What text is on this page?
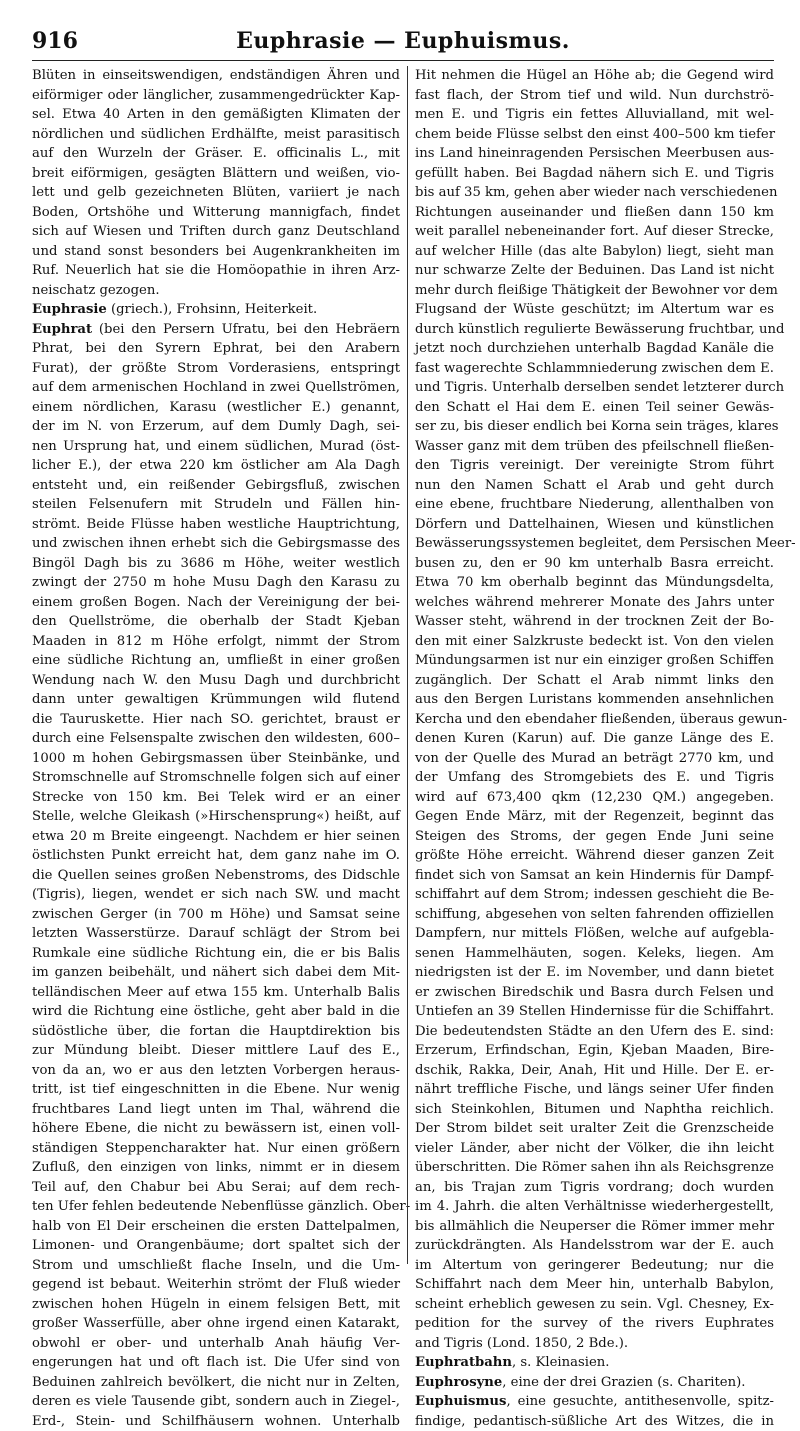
916	Euphrasie — Euphuismus.
Blüten in einseitswendigen, endständigen Ähren und
eiförmiger oder länglicher, zusammengedrückter Kap-
sel. Etwa 40 Arten in den gemäßigten Klimaten der
nördlichen und südlichen Erdhälfte, meist parasitisch
auf den Wurzeln der Gräser. E. officinalis L., mit
breit eiförmigen, gesägten Blättern und weißen, vio-
lett und gelb gezeichneten Blüten, variiert je nach
Boden, Ortshöhe und Witterung mannigfach, findet
sich auf Wiesen und Triften durch ganz Deutschland
und stand sonst besonders bei Augenkrankheiten im
Ruf. Neuerlich hat sie die Homöopathie in ihren Arz-
neischatz gezogen.
Euphrasie (griech.), Frohsinn, Heiterkeit.
Euphrat (bei den Persern Ufratu, bei den Hebräern
Phrat, bei den Syrern Ephrat, bei den Arabern
Furat), der größte Strom Vorderasiens, entspringt
auf dem armenischen Hochland in zwei Quellströmen,
einem nördlichen, Karasu (westlicher E.) genannt,
der im N. von Erzerum, auf dem Dumly Dagh, sei-
nen Ursprung hat, und einem südlichen, Murad (öst-
licher E.), der etwa 220 km östlicher am Ala Dagh
entsteht und, ein reißender Gebirgsfluß, zwischen
steilen Felsenufern mit Strudeln und Fällen hin-
strömt. Beide Flüsse haben westliche Hauptrichtung,
und zwischen ihnen erhebt sich die Gebirgsmasse des
Bingöl Dagh bis zu 3686 m Höhe, weiter westlich
zwingt der 2750 m hohe Musu Dagh den Karasu zu
einem großen Bogen. Nach der Vereinigung der bei-
den Quellströme, die oberhalb der Stadt Kjeban
Maaden in 812 m Höhe erfolgt, nimmt der Strom
eine südliche Richtung an, umfließt in einer großen
Wendung nach W. den Musu Dagh und durchbricht
dann unter gewaltigen Krümmungen wild flutend
die Tauruskette. Hier nach SO. gerichtet, braust er
durch eine Felsenspalte zwischen den wildesten, 600–
1000 m hohen Gebirgsmassen über Steinbänke, und
Stromschnelle auf Stromschnelle folgen sich auf einer
Strecke von 150 km. Bei Telek wird er an einer
Stelle, welche Gleikash (»Hirschensprung«) heißt, auf
etwa 20 m Breite eingeengt. Nachdem er hier seinen
östlichsten Punkt erreicht hat, dem ganz nahe im O.
die Quellen seines großen Nebenstroms, des Didschle
(Tigris), liegen, wendet er sich nach SW. und macht
zwischen Gerger (in 700 m Höhe) und Samsat seine
letzten Wasserstürze. Darauf schlägt der Strom bei
Rumkale eine südliche Richtung ein, die er bis Balis
im ganzen beibehält, und nähert sich dabei dem Mit-
telländischen Meer auf etwa 155 km. Unterhalb Balis
wird die Richtung eine östliche, geht aber bald in die
südöstliche über, die fortan die Hauptdirektion bis
zur Mündung bleibt. Dieser mittlere Lauf des E.,
von da an, wo er aus den letzten Vorbergen heraus-
tritt, ist tief eingeschnitten in die Ebene. Nur wenig
fruchtbares Land liegt unten im Thal, während die
höhere Ebene, die nicht zu bewässern ist, einen voll-
ständigen Steppencharakter hat. Nur einen größern
Zufluß, den einzigen von links, nimmt er in diesem
Teil auf, den Chabur bei Abu Serai; auf dem rech-
ten Ufer fehlen bedeutende Nebenflüsse gänzlich. Ober-
halb von El Deir erscheinen die ersten Dattelpalmen,
Limonen- und Orangenbäume; dort spaltet sich der
Strom und umschließt flache Inseln, und die Um-
gegend ist bebaut. Weiterhin strömt der Fluß wieder
zwischen hohen Hügeln in einem felsigen Bett, mit
großer Wasserfülle, aber ohne irgend einen Katarakt,
obwohl er ober- und unterhalb Anah häufig Ver-
engerungen hat und oft flach ist. Die Ufer sind von
Beduinen zahlreich bevölkert, die nicht nur in Zelten,
deren es viele Tausende gibt, sondern auch in Ziegel-,
Erd-, Stein- und Schilfhäusern wohnen. Unterhalb
Hit nehmen die Hügel an Höhe ab; die Gegend wird
fast flach, der Strom tief und wild. Nun durchströ-
men E. und Tigris ein fettes Alluvialland, mit wel-
chem beide Flüsse selbst den einst 400–500 km tiefer
ins Land hineinragenden Persischen Meerbusen aus-
gefüllt haben. Bei Bagdad nähern sich E. und Tigris
bis auf 35 km, gehen aber wieder nach verschiedenen
Richtungen auseinander und fließen dann 150 km
weit parallel nebeneinander fort. Auf dieser Strecke,
auf welcher Hille (das alte Babylon) liegt, sieht man
nur schwarze Zelte der Beduinen. Das Land ist nicht
mehr durch fleißige Thätigkeit der Bewohner vor dem
Flugsand der Wüste geschützt; im Altertum war es
durch künstlich regulierte Bewässerung fruchtbar, und
jetzt noch durchziehen unterhalb Bagdad Kanäle die
fast wagerechte Schlammniederung zwischen dem E.
und Tigris. Unterhalb derselben sendet letzterer durch
den Schatt el Hai dem E. einen Teil seiner Gewäs-
ser zu, bis dieser endlich bei Korna sein träges, klares
Wasser ganz mit dem trüben des pfeilschnell fließen-
den Tigris vereinigt. Der vereinigte Strom führt
nun den Namen Schatt el Arab und geht durch
eine ebene, fruchtbare Niederung, allenthalben von
Dörfern und Dattelhainen, Wiesen und künstlichen
Bewässerungssystemen begleitet, dem Persischen Meer-
busen zu, den er 90 km unterhalb Basra erreicht.
Etwa 70 km oberhalb beginnt das Mündungsdelta,
welches während mehrerer Monate des Jahrs unter
Wasser steht, während in der trocknen Zeit der Bo-
den mit einer Salzkruste bedeckt ist. Von den vielen
Mündungsarmen ist nur ein einziger großen Schiffen
zugänglich. Der Schatt el Arab nimmt links den
aus den Bergen Luristans kommenden ansehnlichen
Kercha und den ebendaher fließenden, überaus gewun-
denen Kuren (Karun) auf. Die ganze Länge des E.
von der Quelle des Murad an beträgt 2770 km, und
der Umfang des Stromgebiets des E. und Tigris
wird auf 673,400 qkm (12,230 QM.) angegeben.
Gegen Ende März, mit der Regenzeit, beginnt das
Steigen des Stroms, der gegen Ende Juni seine
größte Höhe erreicht. Während dieser ganzen Zeit
findet sich von Samsat an kein Hindernis für Dampf-
schiffahrt auf dem Strom; indessen geschieht die Be-
schiffung, abgesehen von selten fahrenden offiziellen
Dampfern, nur mittels Flößen, welche auf aufgebla-
senen Hammelhäuten, sogen. Keleks, liegen. Am
niedrigsten ist der E. im November, und dann bietet
er zwischen Biredschik und Basra durch Felsen und
Untiefen an 39 Stellen Hindernisse für die Schiffahrt.
Die bedeutendsten Städte an den Ufern des E. sind:
Erzerum, Erfindschan, Egin, Kjeban Maaden, Bire-
dschik, Rakka, Deir, Anah, Hit und Hille. Der E. er-
nährt treffliche Fische, und längs seiner Ufer finden
sich Steinkohlen, Bitumen und Naphtha reichlich.
Der Strom bildet seit uralter Zeit die Grenzscheide
vieler Länder, aber nicht der Völker, die ihn leicht
überschritten. Die Römer sahen ihn als Reichsgrenze
an, bis Trajan zum Tigris vordrang; doch wurden
im 4. Jahrh. die alten Verhältnisse wiederhergestellt,
bis allmählich die Neuperser die Römer immer mehr
zurückdrängten. Als Handelsstrom war der E. auch
im Altertum von geringerer Bedeutung; nur die
Schiffahrt nach dem Meer hin, unterhalb Babylon,
scheint erheblich gewesen zu sein. Vgl. Chesney, Ex-
pedition for the survey of the rivers Euphrates
and Tigris (Lond. 1850, 2 Bde.).
Euphratbahn, s. Kleinasien.
Euphrosyne, eine der drei Grazien (s. Chariten).
Euphuismus, eine gesuchte, antithesenvolle, spitz-
findige, pedantisch-süßliche Art des Witzes, die in
